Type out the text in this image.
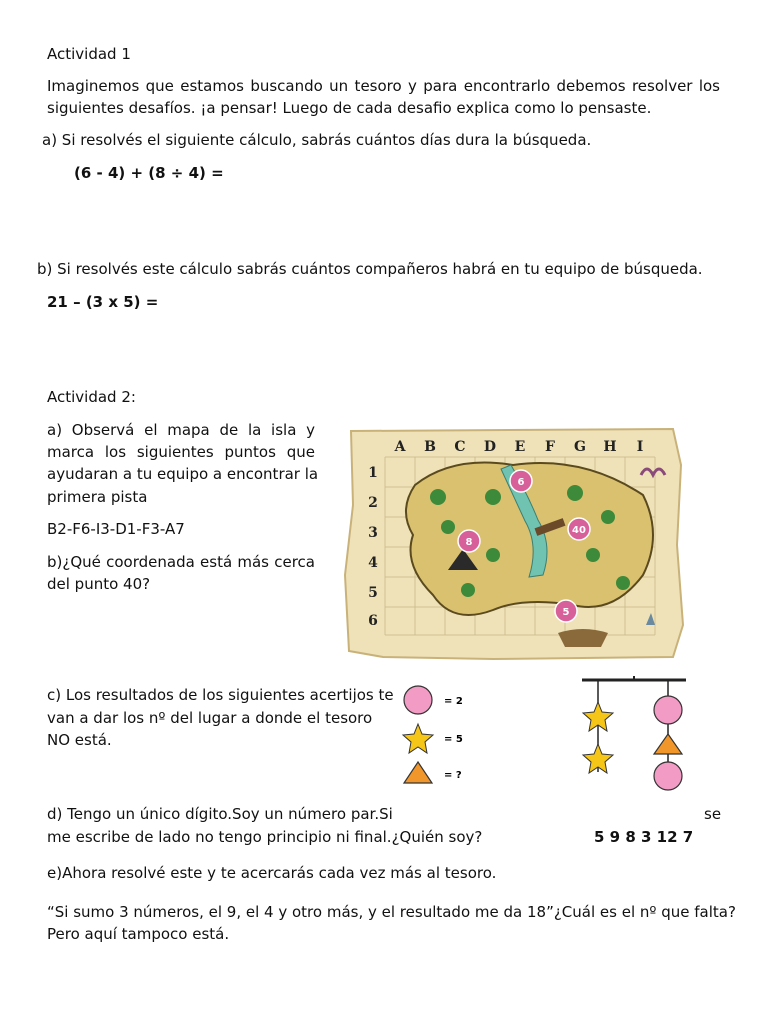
Actividad 1
Imaginemos que estamos buscando un tesoro y para encontrarlo debemos resolver los
siguientes desafíos. ¡a pensar! Luego de cada desafio explica como lo pensaste.
a) Si resolvés el siguiente cálculo, sabrás cuántos días dura la búsqueda.
(6 - 4) + (8 ÷ 4) =
b) Si resolvés este cálculo sabrás cuántos compañeros habrá en tu equipo de búsqueda.
21 – (3 x 5) =
Actividad 2:
a) Observá el mapa de la isla y
marca los siguientes puntos que
ayudaran a tu equipo a encontrar la
primera pista
B2-F6-I3-D1-F3-A7
b)¿Qué coordenada está más cerca
del punto 40?
A B C D E F G H I
1
2
3
4
5
6
6
40
8
5
c) Los resultados de los siguientes acertijos te
van a dar los nº del lugar a donde el tesoro
NO está.
= 2
= 5
= ?
d) Tengo un único dígito.Soy un número par.Si	se
me escribe de lado no tengo principio ni final.¿Quién soy?	5 9 8 3 12 7
e)Ahora resolvé este y te acercarás cada vez más al tesoro.
“Si sumo 3 números, el 9, el 4 y otro más, y el resultado me da 18”¿Cuál es el nº que falta?
Pero aquí tampoco está.
